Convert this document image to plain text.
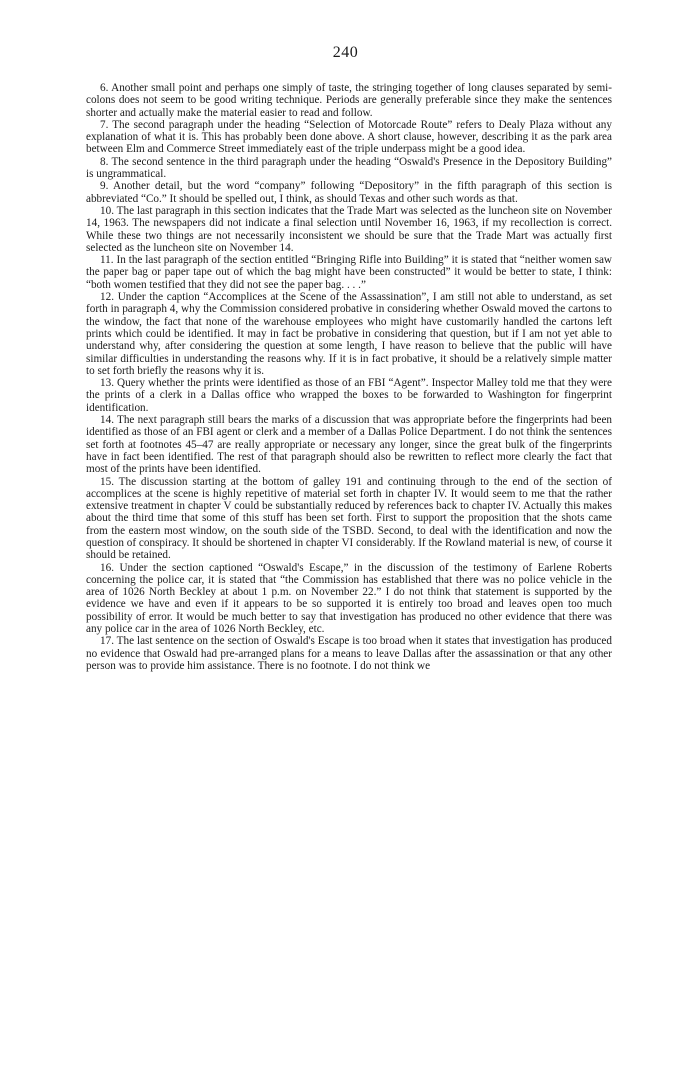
240

6. Another small point and perhaps one simply of taste, the stringing together of long clauses separated by semi-colons does not seem to be good writing technique. Periods are generally preferable since they make the sentences shorter and actually make the material easier to read and follow.

7. The second paragraph under the heading “Selection of Motorcade Route” refers to Dealy Plaza without any explanation of what it is. This has probably been done above. A short clause, however, describing it as the park area between Elm and Commerce Street immediately east of the triple underpass might be a good idea.

8. The second sentence in the third paragraph under the heading “Oswald's Presence in the Depository Building” is ungrammatical.

9. Another detail, but the word “company” following “Depository” in the fifth paragraph of this section is abbreviated “Co.” It should be spelled out, I think, as should Texas and other such words as that.

10. The last paragraph in this section indicates that the Trade Mart was selected as the luncheon site on November 14, 1963. The newspapers did not indicate a final selection until November 16, 1963, if my recollection is correct. While these two things are not necessarily inconsistent we should be sure that the Trade Mart was actually first selected as the luncheon site on November 14.

11. In the last paragraph of the section entitled “Bringing Rifle into Building” it is stated that “neither women saw the paper bag or paper tape out of which the bag might have been constructed” it would be better to state, I think: “both women testified that they did not see the paper bag. . . .”

12. Under the caption “Accomplices at the Scene of the Assassination”, I am still not able to understand, as set forth in paragraph 4, why the Commission considered probative in considering whether Oswald moved the cartons to the window, the fact that none of the warehouse employees who might have customarily handled the cartons left prints which could be identified. It may in fact be probative in considering that question, but if I am not yet able to understand why, after considering the question at some length, I have reason to believe that the public will have similar difficulties in understanding the reasons why. If it is in fact probative, it should be a relatively simple matter to set forth briefly the reasons why it is.

13. Query whether the prints were identified as those of an FBI “Agent”. Inspector Malley told me that they were the prints of a clerk in a Dallas office who wrapped the boxes to be forwarded to Washington for fingerprint identification.

14. The next paragraph still bears the marks of a discussion that was appropriate before the fingerprints had been identified as those of an FBI agent or clerk and a member of a Dallas Police Department. I do not think the sentences set forth at footnotes 45–47 are really appropriate or necessary any longer, since the great bulk of the fingerprints have in fact been identified. The rest of that paragraph should also be rewritten to reflect more clearly the fact that most of the prints have been identified.

15. The discussion starting at the bottom of galley 191 and continuing through to the end of the section of accomplices at the scene is highly repetitive of material set forth in chapter IV. It would seem to me that the rather extensive treatment in chapter V could be substantially reduced by references back to chapter IV. Actually this makes about the third time that some of this stuff has been set forth. First to support the proposition that the shots came from the eastern most window, on the south side of the TSBD. Second, to deal with the identification and now the question of conspiracy. It should be shortened in chapter VI considerably. If the Rowland material is new, of course it should be retained.

16. Under the section captioned “Oswald's Escape,” in the discussion of the testimony of Earlene Roberts concerning the police car, it is stated that “the Commission has established that there was no police vehicle in the area of 1026 North Beckley at about 1 p.m. on November 22.” I do not think that statement is supported by the evidence we have and even if it appears to be so supported it is entirely too broad and leaves open too much possibility of error. It would be much better to say that investigation has produced no other evidence that there was any police car in the area of 1026 North Beckley, etc.

17. The last sentence on the section of Oswald's Escape is too broad when it states that investigation has produced no evidence that Oswald had pre-arranged plans for a means to leave Dallas after the assassination or that any other person was to provide him assistance. There is no footnote. I do not think we
